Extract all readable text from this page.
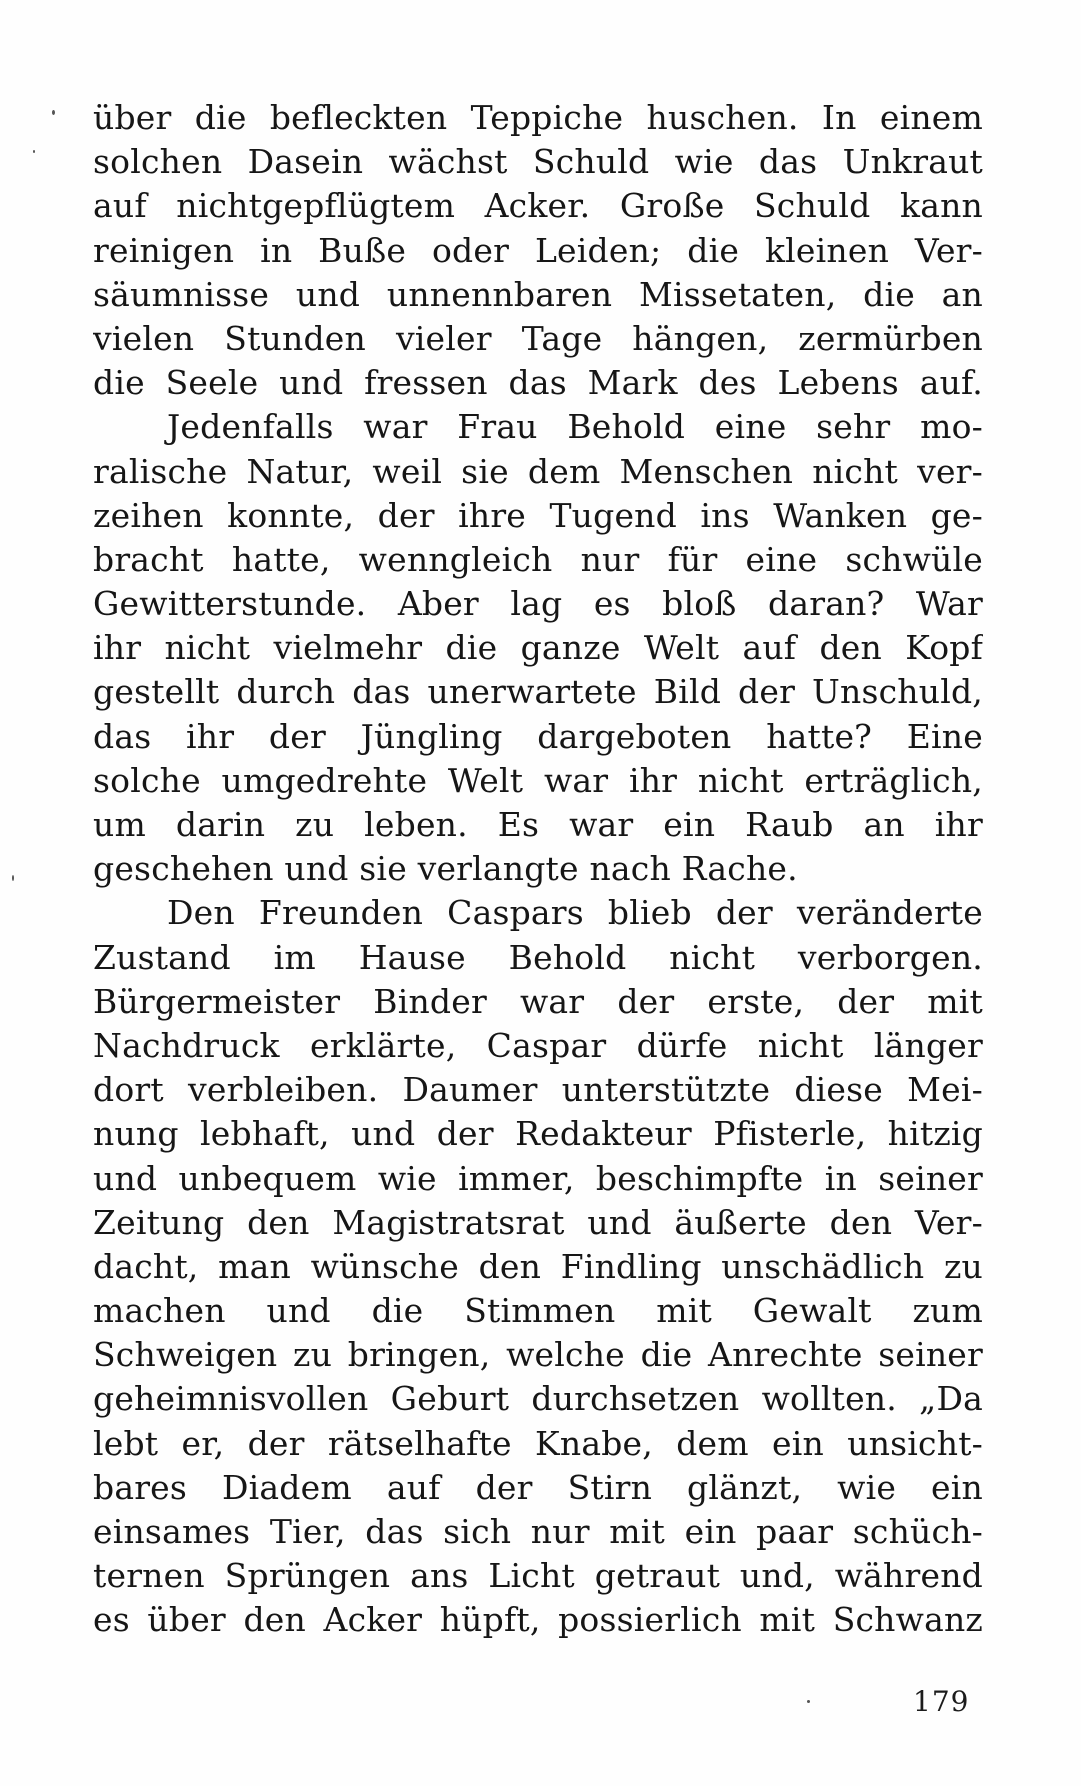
über die befleckten Teppiche huschen. In einem
solchen Dasein wächst Schuld wie das Unkraut
auf nichtgepflügtem Acker. Große Schuld kann
reinigen in Buße oder Leiden; die kleinen Ver-
säumnisse und unnennbaren Missetaten, die an
vielen Stunden vieler Tage hängen, zermürben
die Seele und fressen das Mark des Lebens auf.
Jedenfalls war Frau Behold eine sehr mo-
ralische Natur, weil sie dem Menschen nicht ver-
zeihen konnte, der ihre Tugend ins Wanken ge-
bracht hatte, wenngleich nur für eine schwüle
Gewitterstunde. Aber lag es bloß daran? War
ihr nicht vielmehr die ganze Welt auf den Kopf
gestellt durch das unerwartete Bild der Unschuld,
das ihr der Jüngling dargeboten hatte? Eine
solche umgedrehte Welt war ihr nicht erträglich,
um darin zu leben. Es war ein Raub an ihr
geschehen und sie verlangte nach Rache.
Den Freunden Caspars blieb der veränderte
Zustand im Hause Behold nicht verborgen.
Bürgermeister Binder war der erste, der mit
Nachdruck erklärte, Caspar dürfe nicht länger
dort verbleiben. Daumer unterstützte diese Mei-
nung lebhaft, und der Redakteur Pfisterle, hitzig
und unbequem wie immer, beschimpfte in seiner
Zeitung den Magistratsrat und äußerte den Ver-
dacht, man wünsche den Findling unschädlich zu
machen und die Stimmen mit Gewalt zum
Schweigen zu bringen, welche die Anrechte seiner
geheimnisvollen Geburt durchsetzen wollten. „Da
lebt er, der rätselhafte Knabe, dem ein unsicht-
bares Diadem auf der Stirn glänzt, wie ein
einsames Tier, das sich nur mit ein paar schüch-
ternen Sprüngen ans Licht getraut und, während
es über den Acker hüpft, possierlich mit Schwanz
179
